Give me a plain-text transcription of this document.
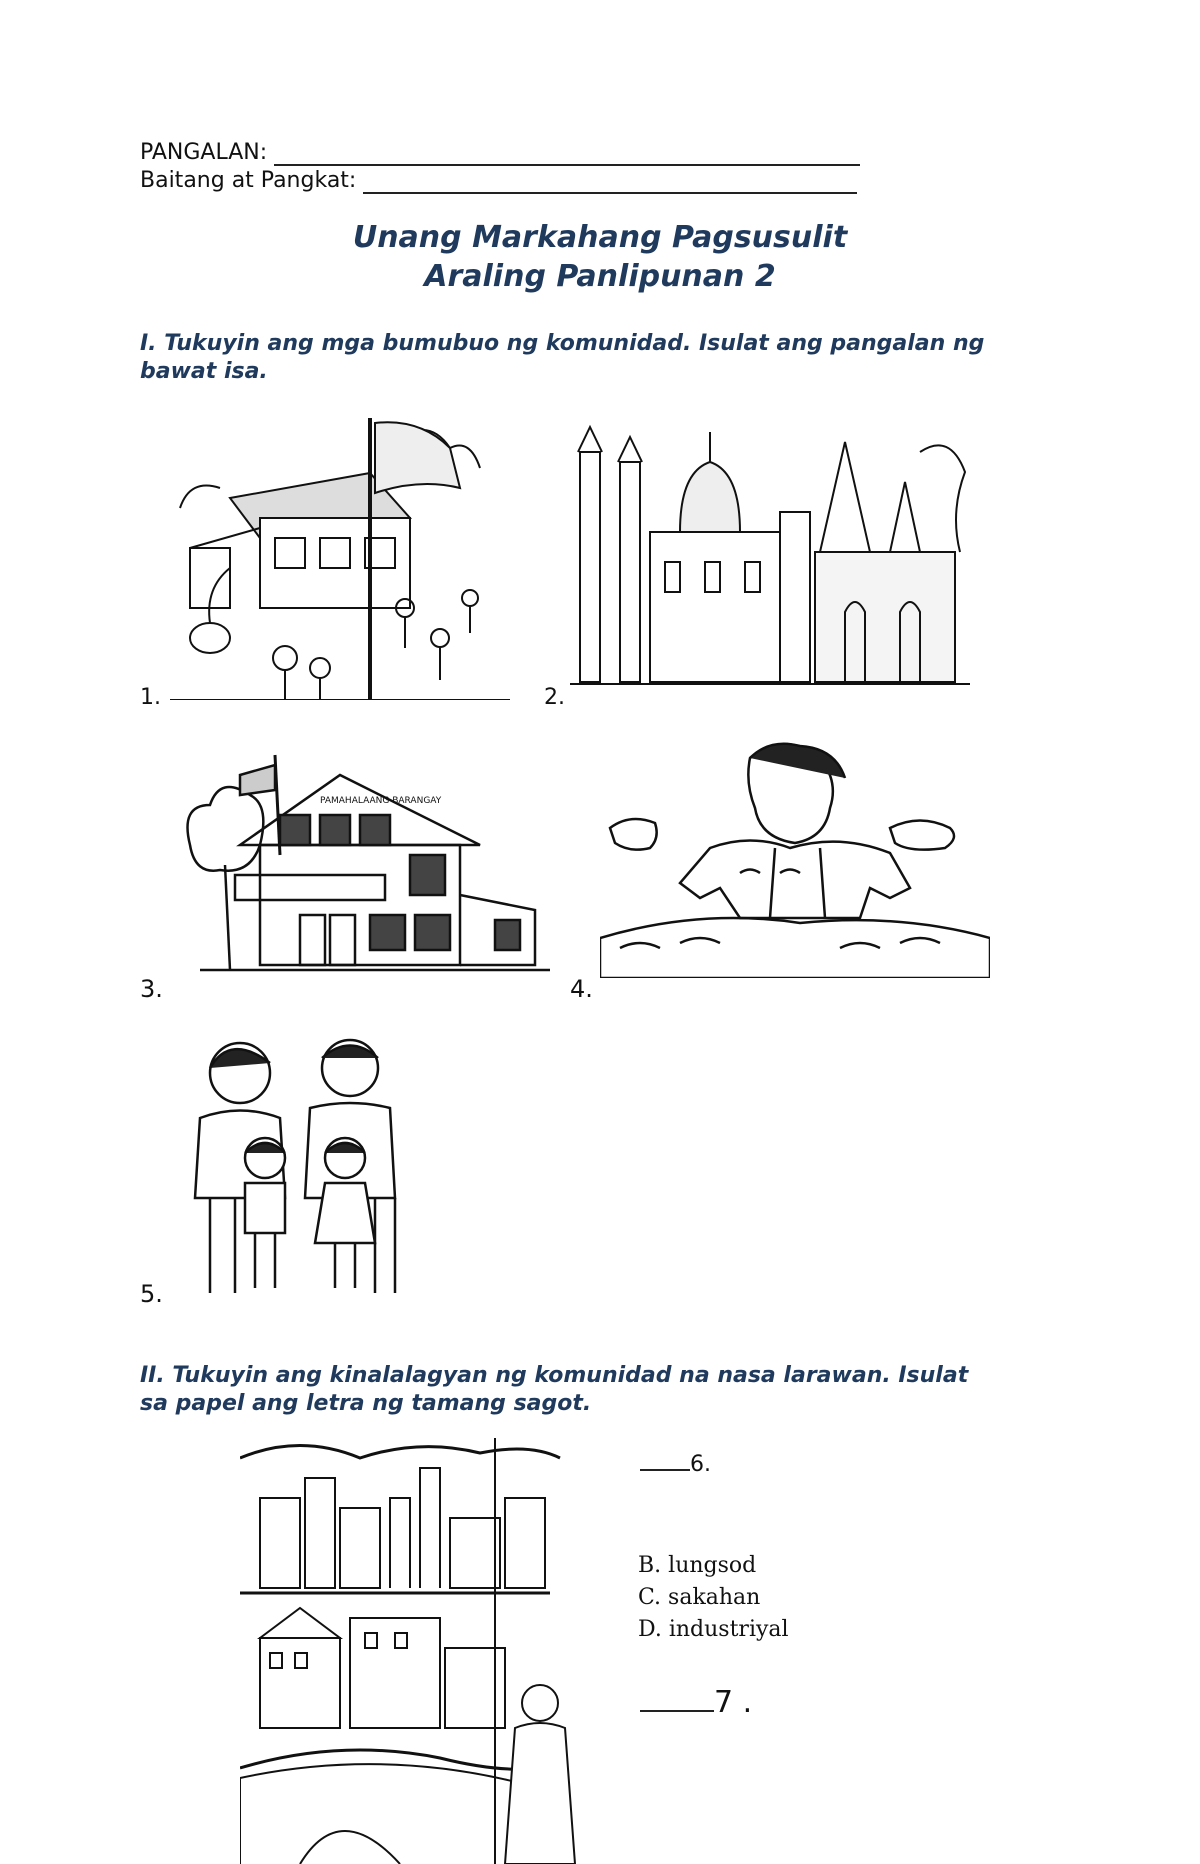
PANGALAN:
Baitang at Pangkat:
Unang Markahang Pagsusulit
Araling Panlipunan 2
I. Tukuyin ang mga bumubuo ng komunidad. Isulat ang pangalan ng
bawat isa.
1.	2.
PAMAHALAANG BARANGAY
3.	4.
5.
II. Tukuyin ang kinalalagyan ng komunidad na nasa larawan. Isulat
sa papel ang letra ng tamang sagot.
6.
B. lungsod
C. sakahan
D. industriyal
7 .
